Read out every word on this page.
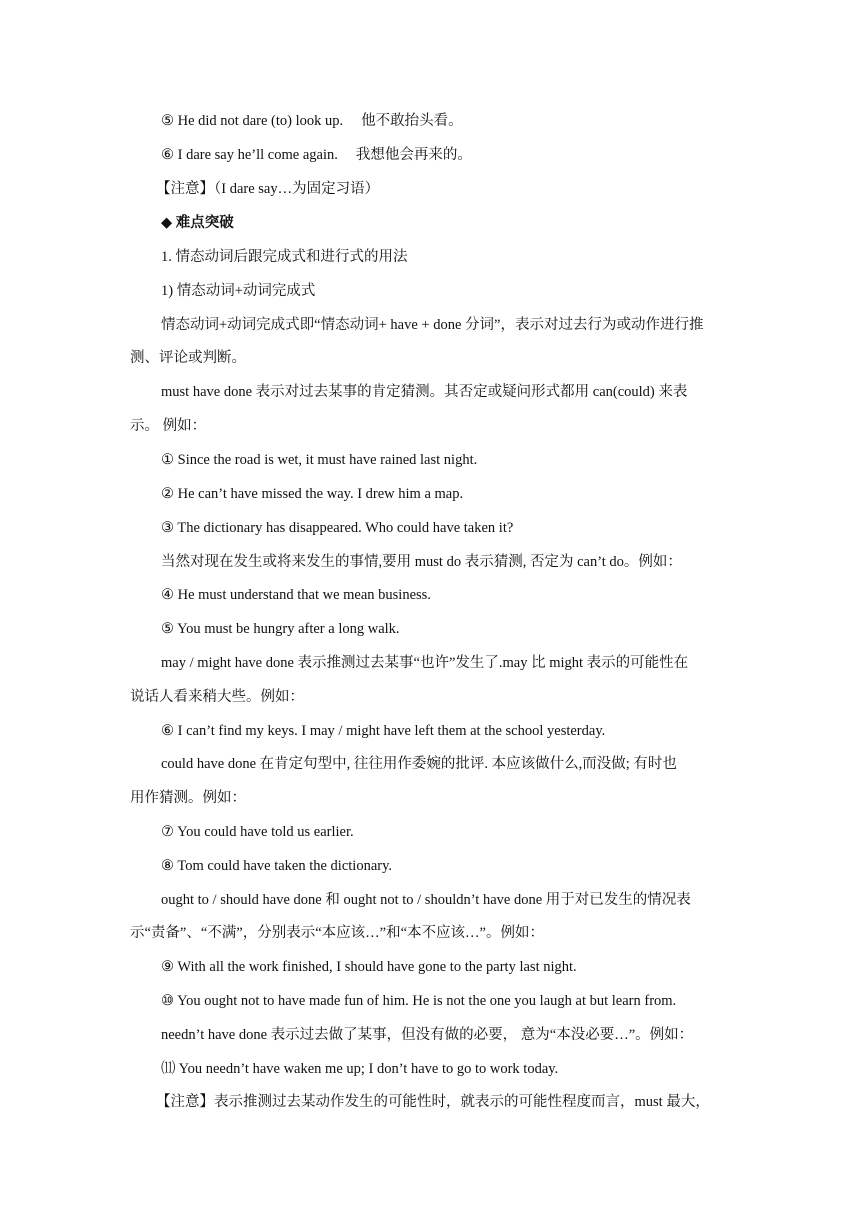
⑤ He did not dare (to) look up. 他不敢抬头看。
⑥ I dare say he’ll come again. 我想他会再来的。
【注意】（I dare say…为固定习语）
◆ 难点突破
1. 情态动词后跟完成式和进行式的用法
1) 情态动词+动词完成式
情态动词+动词完成式即“情态动词+ have + done 分词”，表示对过去行为或动作进行推
测、评论或判断。
must have done 表示对过去某事的肯定猜测。其否定或疑问形式都用 can(could) 来表
示。 例如：
① Since the road is wet, it must have rained last night.
② He can’t have missed the way. I drew him a map.
③ The dictionary has disappeared. Who could have taken it?
当然对现在发生或将来发生的事情,要用 must do 表示猜测, 否定为 can’t do。例如：
④ He must understand that we mean business.
⑤ You must be hungry after a long walk.
may / might have done 表示推测过去某事“也许”发生了.may 比 might 表示的可能性在
说话人看来稍大些。例如：
⑥ I can’t find my keys. I may / might have left them at the school yesterday.
could have done 在肯定句型中, 往往用作委婉的批评. 本应该做什么,而没做; 有时也
用作猜测。例如：
⑦ You could have told us earlier.
⑧ Tom could have taken the dictionary.
ought to / should have done 和 ought not to / shouldn’t have done 用于对已发生的情况表
示“责备”、“不满”，分别表示“本应该…”和“本不应该…”。例如：
⑨ With all the work finished, I should have gone to the party last night.
⑩ You ought not to have made fun of him. He is not the one you laugh at but learn from.
needn’t have done 表示过去做了某事，但没有做的必要， 意为“本没必要…”。例如：
⑾ You needn’t have waken me up; I don’t have to go to work today.
【注意】表示推测过去某动作发生的可能性时，就表示的可能性程度而言，must 最大，
